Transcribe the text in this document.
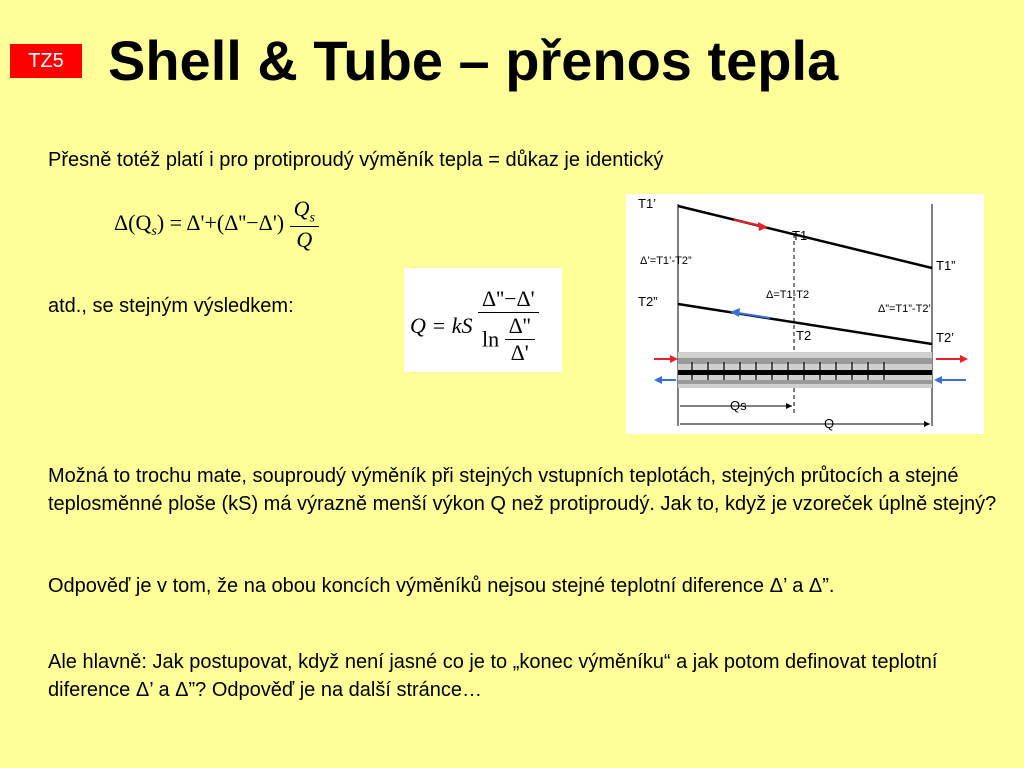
TZ5 Shell & Tube – přenos tepla
Přesně totéž platí i pro protiproudý výměník tepla = důkaz je identický
$\Delta(Q_s) = \Delta'+(\Delta''-\Delta') \frac{Q_s}{Q}$
atd., se stejným výsledkem:
Q = kS $\frac{\Delta''-\Delta'}{\ln \frac{\Delta''}{\Delta'}}$
T1’
T1
T1”
Δ’=T1’-T2”
Δ=T1-T2
Δ”=T1”-T2’
T2”
T2	T2’
Qs
Q
Možná to trochu mate, souproudý výměník při stejných vstupních teplotách, stejných průtocích a stejné teplosměnné ploše (kS) má výrazně menší výkon Q než protiproudý. Jak to, když je vzoreček úplně stejný?
Odpověď je v tom, že na obou koncích výměníků nejsou stejné teplotní diference Δ’ a Δ”.
Ale hlavně: Jak postupovat, když není jasné co je to „konec výměníku“ a jak potom definovat teplotní diference Δ’ a Δ”? Odpověď je na další stránce…
